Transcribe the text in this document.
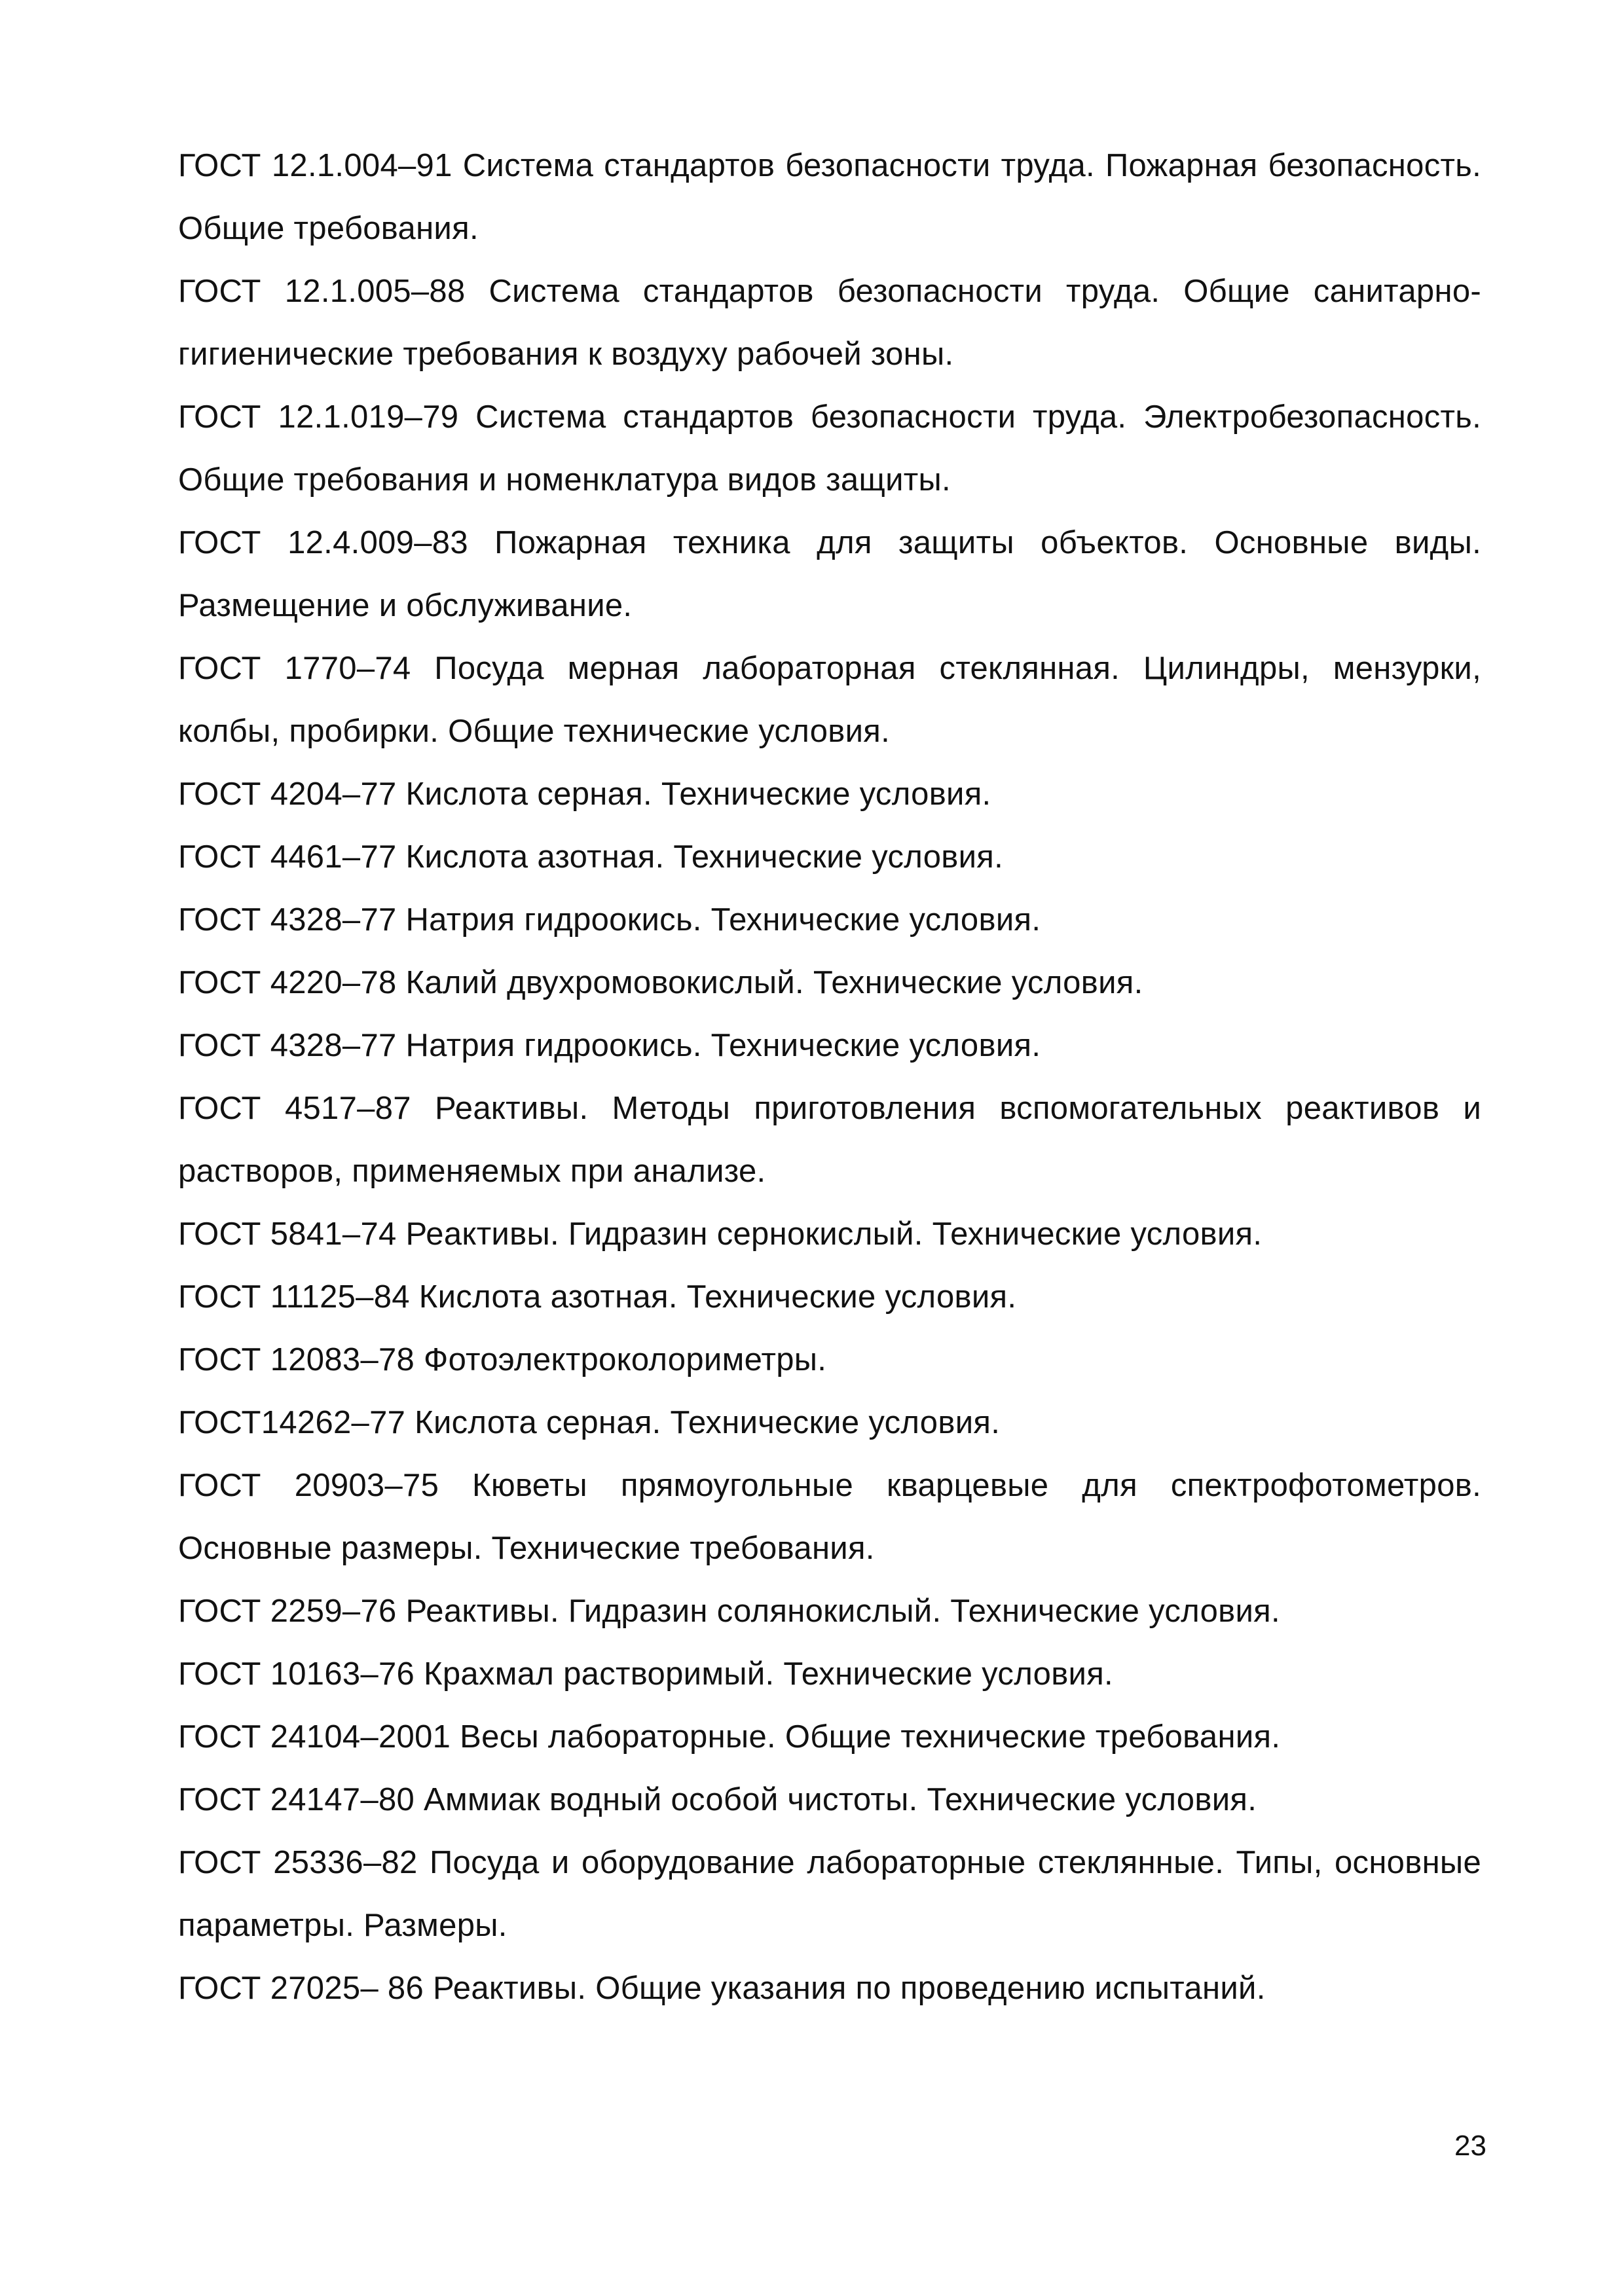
ГОСТ 12.1.004–91 Система стандартов безопасности труда. Пожарная безопасность. Общие требования.

ГОСТ 12.1.005–88 Система стандартов безопасности труда. Общие санитарно-гигиенические требования к воздуху рабочей зоны.

ГОСТ 12.1.019–79 Система стандартов безопасности труда. Электробезопасность. Общие требования и номенклатура видов защиты.

ГОСТ 12.4.009–83 Пожарная техника для защиты объектов. Основные виды. Размещение и обслуживание.

ГОСТ 1770–74 Посуда мерная лабораторная стеклянная. Цилиндры, мензурки, колбы, пробирки. Общие технические условия.

ГОСТ 4204–77 Кислота серная. Технические условия.

ГОСТ 4461–77 Кислота азотная. Технические условия.

ГОСТ 4328–77 Натрия гидроокись. Технические условия.

ГОСТ 4220–78 Калий двухромовокислый. Технические условия.

ГОСТ 4328–77 Натрия гидроокись. Технические условия.

ГОСТ 4517–87 Реактивы. Методы приготовления вспомогательных реактивов и растворов, применяемых при анализе.

ГОСТ 5841–74 Реактивы. Гидразин сернокислый. Технические условия.

ГОСТ 11125–84 Кислота азотная. Технические условия.

ГОСТ 12083–78 Фотоэлектроколориметры.

ГОСТ14262–77 Кислота серная. Технические условия.

ГОСТ 20903–75 Кюветы прямоугольные кварцевые для спектрофотометров. Основные размеры. Технические требования.

ГОСТ 2259–76 Реактивы. Гидразин солянокислый. Технические условия.

ГОСТ 10163–76 Крахмал растворимый. Технические условия.

ГОСТ 24104–2001 Весы лабораторные. Общие технические требования.

ГОСТ 24147–80 Аммиак водный особой чистоты. Технические условия.

ГОСТ 25336–82 Посуда и оборудование лабораторные стеклянные. Типы, основные параметры. Размеры.

ГОСТ 27025– 86 Реактивы. Общие указания по проведению испытаний.

23
